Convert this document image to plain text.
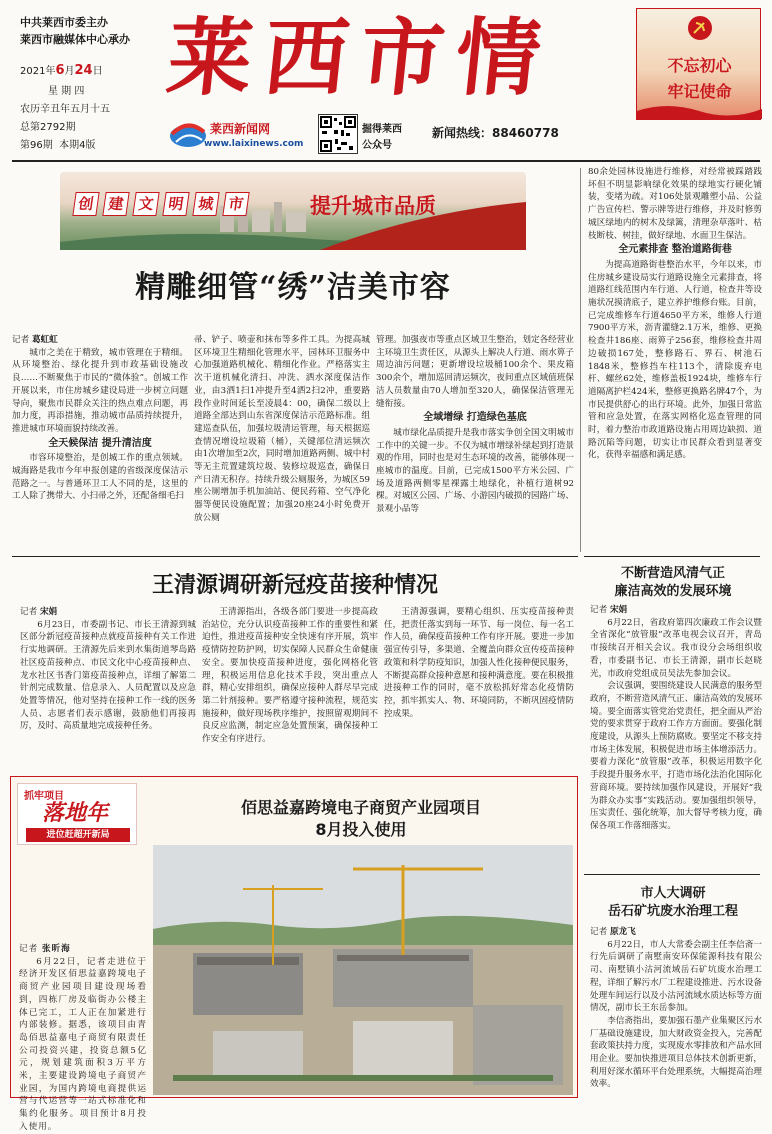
中共莱西市委主办
莱西市融媒体中心承办
2021年6月24日
星 期 四
农历辛丑年五月十五
总第2792期
第96期 本期4版
莱西市情
莱西新闻网
www.laixinews.com
掘得莱西
公众号
新闻热线：88460778
不忘初心
牢记使命
创 建 文 明 城 市	提升城市品质
精雕细管“绣”洁美市容
记者 葛虹虹

城市之美在于精致，城市管理在于精细。从环境整治、绿化提升到市政基础设施改良……不断聚焦于市民的“微体验”。创城工作开展以来，市住房城乡建设局进一步树立问题导向，聚焦市民群众关注的热点难点问题，再加力度，再添措施，推动城市品质持续提升，推进城市环境面貌持续改善。

全天候保洁 提升清洁度

市容环境整治，是创城工作的重点领域。城海路是我市今年申报创建的省级深度保洁示范路之一。与普通环卫工人不同的是，这里的工人除了携带大、小扫帚之外，还配备细毛扫

帚、铲子、喷壶和抹布等多件工具。为提高城区环境卫生精细化管理水平，园林环卫服务中心加强道路机械化、精细化作业。严格落实主次干道机械化清扫、冲洗、洒水深度保洁作业，由3洒1扫1冲提升至4洒2扫2冲，重要路段作业时间延长至凌晨4：00，确保二级以上道路全部达到山东省深度保洁示范路标准。组建巡查队伍，加强垃圾清运管理，每天根据巡查情况增设垃圾箱（桶），关键部位清运频次由1次增加至2次，同时增加道路两侧、城中村等无主荒置建筑垃圾、装修垃圾巡查，确保日产日清无积存。持续升级公厕服务，为城区59座公厕增加手机加油站、便民药箱、空气净化器等便民设施配置；加强20座24小时免费开放公厕

管理。加强夜市等重点区域卫生整治，划定各经营业主环境卫生责任区，从源头上解决人行道、雨水箅子周边油污问题；更新增设垃圾桶100余个、果皮箱300余个，增加巡回清运频次，夜间重点区域值班保洁人员数量由70人增加至320人，确保保洁管理无缝衔接。

全域增绿 打造绿色基底

城市绿化品质提升是我市落实争创全国文明城市工作中的关键一步。不仅为城市增绿补绿起到打造景观的作用，同时也是对生态环境的改善，能够体现一座城市的温度。目前，已完成1500平方米公园、广场及道路两侧零星裸露土地绿化，补植行道树92棵。对城区公园、广场、小游园内破损的园路广场、景观小品等

80余处园林设施进行维修，对经常被踩踏践坏但不明显影响绿化效果的绿地实行硬化铺装，变堵为疏。对106处景观雕塑小品、公益广告宣传栏、警示牌等进行维修，并及时修剪城区绿地内的树木及绿篱，清理杂草落叶、枯枝断枝、树挂，做好绿地、水面卫生保洁。

全元素排查 整治道路街巷

为提高道路街巷整治水平，今年以来，市住房城乡建设局实行道路设施全元素排查，将道路红线范围内车行道、人行道，检查井等设施状况摸清底子，建立养护维修台账。目前，已完成维修车行道4650平方米，维修人行道7900平方米，沥青灌缝2.1万米，维修、更换检查井186座、雨箅子256套，维修检查井周边破损167处，整修路石、界石、树池石1848米，整修挡车柱113个，清除废弃电杆、螺丝62处，维修盖板1924块，维修车行道隔离护栏424米，整修更换路名牌47个，为市民提供舒心的出行环境。此外，加强日常监管和应急处置，在落实网格化巡查管理的同时，着力整治市政道路设施占用周边缺损、道路沉陷等问题，切实让市民群众看到显著变化，获得幸福感和满足感。

王清源调研新冠疫苗接种情况
记者 宋娟

6月23日，市委副书记、市长王清源到城区部分新冠疫苗接种点就疫苗接种有关工作进行实地调研。王清源先后来到水集街道琴岛路社区疫苗接种点、市民文化中心疫苗接种点、龙水社区书香门第疫苗接种点，详细了解第二针剂完成数量、信息录入、人员配置以及应急处置等情况，他对坚持在接种工作一线的医务人员、志愿者们表示感谢，鼓励他们再接再厉，及时、高质量地完成接种任务。

王清源指出，各级各部门要进一步提高政治站位，充分认识疫苗接种工作的重要性和紧迫性，推进疫苗接种安全快速有序开展，筑牢疫情防控防护网，切实保障人民群众生命健康安全。要加快疫苗接种进度，强化网格化管理，积极运用信息化技术手段，突出重点人群，精心安排组织，确保应接种人群尽早完成第二针剂接种。要严格遵守接种流程，规范实施接种，做好现场秩序维护，按照留观期间不良反应监测，制定应急处置预案，确保接种工作安全有序进行。

王清源强调，要精心组织、压实疫苗接种责任，把责任落实到每一环节、每一岗位、每一名工作人员，确保疫苗接种工作有序开展。要进一步加强宣传引导，多渠道、全覆盖向群众宣传疫苗接种政策和科学防疫知识，加强人性化接种便民服务，不断提高群众接种意愿和接种满意度。要在积极推进接种工作的同时，毫不放松抓好常态化疫情防控，抓牢抓实人、物、环境同防，不断巩固疫情防控成果。

不断营造风清气正
廉洁高效的发展环境
记者 宋娟

6月22日，省政府第四次廉政工作会议暨全省深化“放管服”改革电视会议召开，青岛市接续召开相关会议。我市设分会场组织收看，市委副书记、市长王清源，副市长赵晓光，市政府党组成员吴法先参加会议。

会议强调，要围绕建设人民满意的服务型政府，不断营造风清气正、廉洁高效的发展环境。要全面落实管党治党责任，把全面从严治党的要求贯穿于政府工作方方面面。要强化制度建设，从源头上预防腐败。要坚定不移支持市场主体发展，积极促进市场主体增添活力。要着力深化“放管服”改革，积极运用数字化手段提升服务水平，打造市场化法治化国际化营商环境。要持续加强作风建设，开展好“我为群众办实事”实践活动。要加强组织领导，压实责任、强化统筹，加大督导考核力度，确保各项工作落细落实。

市人大调研
岳石矿坑废水治理工程
记者 原龙飞

6月22日，市人大常委会副主任李信斋一行先后调研了南墅南安环保能源科技有限公司、南墅镇小沽河流域岳石矿坑废水治理工程，详细了解污水厂工程建设推进、污水设备处理车间运行以及小沽河流域水质达标等方面情况，副市长王东岳参加。

李信斋指出，要加强石墨产业集聚区污水厂基础设施建设，加大财政资金投入，完善配套政策扶持力度，实现废水零排放和产品水回用企业。要加快推进项目总体技术创新更新，利用好深水循环平台处理系统，大幅提高治理效率。

抓牢项目
落地年
进位赶超开新局
佰思益嘉跨境电子商贸产业园项目
8月投入使用
记者 张昕海

6月22日，记者走进位于经济开发区佰思益嘉跨境电子商贸产业园项目建设现场看到，四栋厂房及临街办公楼主体已完工，工人正在加紧进行内部装修。据悉，该项目由青岛佰思益嘉电子商贸有限责任公司投资兴建，投资总额5亿元，规划建筑面积3万平方米，主要建设跨境电子商贸产业园，为国内跨境电商提供运营与代运营等一站式标准化和集约化服务。项目预计8月投入使用。
